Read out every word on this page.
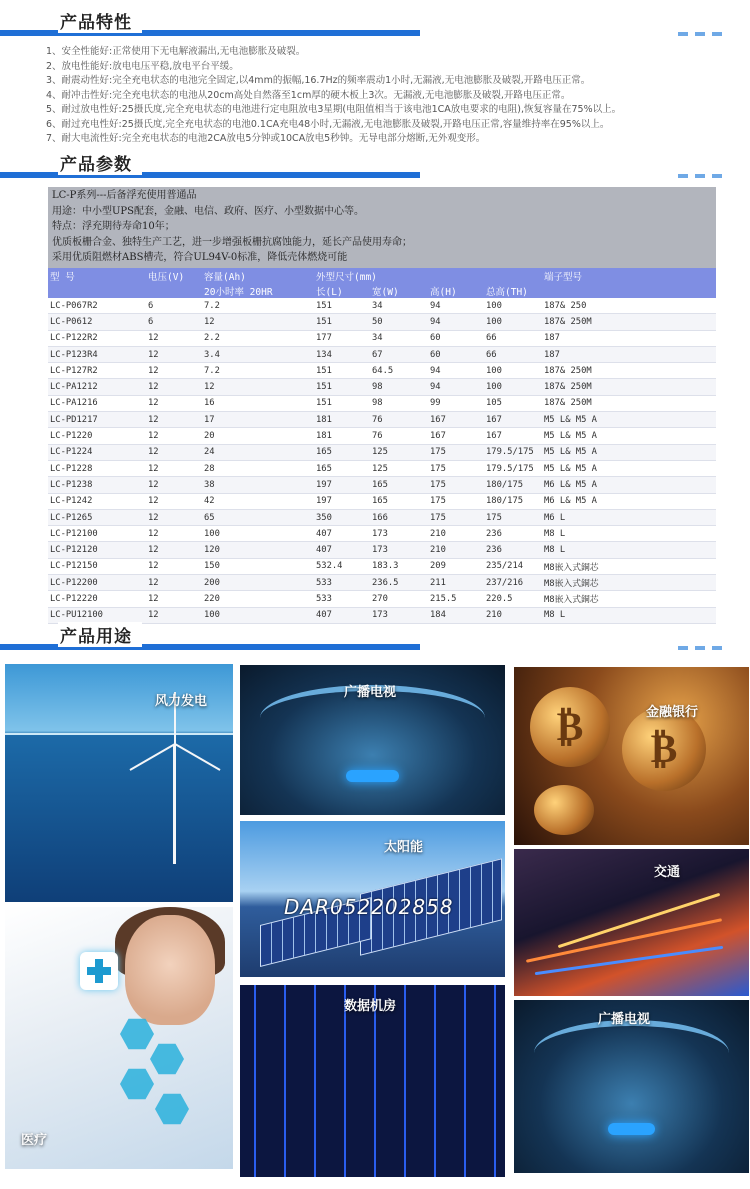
产品特性
1、安全性能好:正常使用下无电解液漏出,无电池膨胀及破裂。
2、放电性能好:放电电压平稳,放电平台平缓。
3、耐震动性好:完全充电状态的电池完全固定,以4mm的振幅,16.7Hz的频率震动1小时,无漏液,无电池膨胀及破裂,开路电压正常。
4、耐冲击性好:完全充电状态的电池从20cm高处自然落至1cm厚的硬木板上3次。无漏液,无电池膨胀及破裂,开路电压正常。
5、耐过放电性好:25摄氏度,完全充电状态的电池进行定电阻放电3星期(电阻值相当于该电池1CA放电要求的电阻),恢复容量在75%以上。
6、耐过充电性好:25摄氏度,完全充电状态的电池0.1CA充电48小时,无漏液,无电池膨胀及破裂,开路电压正常,容量维持率在95%以上。
7、耐大电流性好:完全充电状态的电池2CA放电5分钟或10CA放电5秒钟。无导电部分熔断,无外观变形。
产品参数
LC-P系列---后备浮充使用普通品
用途：中小型UPS配套，金融、电信、政府、医疗、小型数据中心等。
特点：浮充期待寿命10年；
优质板栅合金、独特生产工艺，进一步增强板栅抗腐蚀能力，延长产品使用寿命；
采用优质阻燃材ABS槽壳，符合UL94V-0标准，降低壳体燃烧可能
型 号	电压(V)	容量(Ah)	外型尺寸(mm)				端子型号
		20小时率 20HR	长(L)	宽(W)	高(H)	总高(TH)	
LC-P067R2	6	7.2	151	34	94	100	187& 250
LC-P0612	6	12	151	50	94	100	187& 250M
LC-P122R2	12	2.2	177	34	60	66	187
LC-P123R4	12	3.4	134	67	60	66	187
LC-P127R2	12	7.2	151	64.5	94	100	187& 250M
LC-PA1212	12	12	151	98	94	100	187& 250M
LC-PA1216	12	16	151	98	99	105	187& 250M
LC-PD1217	12	17	181	76	167	167	M5 L& M5 A
LC-P1220	12	20	181	76	167	167	M5 L& M5 A
LC-P1224	12	24	165	125	175	179.5/175	M5 L& M5 A
LC-P1228	12	28	165	125	175	179.5/175	M5 L& M5 A
LC-P1238	12	38	197	165	175	180/175	M6 L& M5 A
LC-P1242	12	42	197	165	175	180/175	M6 L& M5 A
LC-P1265	12	65	350	166	175	175	M6 L
LC-P12100	12	100	407	173	210	236	M8 L
LC-P12120	12	120	407	173	210	236	M8 L
LC-P12150	12	150	532.4	183.3	209	235/214	M8嵌入式銅芯
LC-P12200	12	200	533	236.5	211	237/216	M8嵌入式銅芯
LC-P12220	12	220	533	270	215.5	220.5	M8嵌入式銅芯
LC-PU12100	12	100	407	173	184	210	M8 L
产品用途
风力发电
广播电视
₿	₿
金融银行
太阳能
DAR052202858
交通
医疗
数据机房
广播电视
